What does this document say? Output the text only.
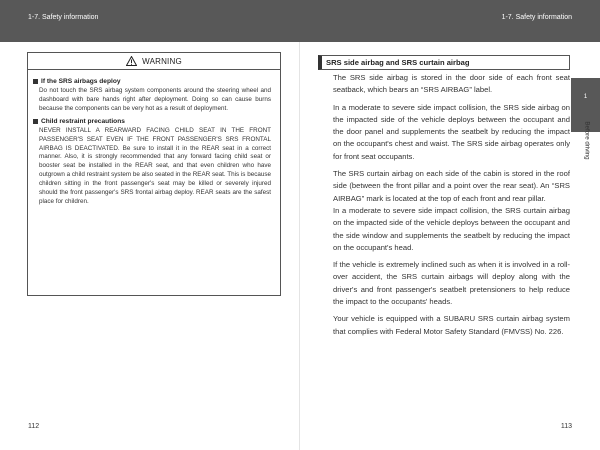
1-7. Safety information	1-7. Safety information
WARNING
If the SRS airbags deploy

Do not touch the SRS airbag system components around the steering wheel and dashboard with bare hands right after deployment. Doing so can cause burns because the components can be very hot as a result of deployment.

Child restraint precautions

NEVER INSTALL A REARWARD FACING CHILD SEAT IN THE FRONT PASSENGER'S SEAT EVEN IF THE FRONT PASSENGER'S SRS FRONTAL AIRBAG IS DEACTIVATED. Be sure to install it in the REAR seat in a correct manner. Also, it is strongly recommended that any forward facing child seat or booster seat be installed in the REAR seat, and that even children who have outgrown a child restraint system be also seated in the REAR seat. This is because children sitting in the front passenger's seat may be killed or severely injured should the front passenger's SRS frontal airbag deploy. REAR seats are the safest place for children.

SRS side airbag and SRS curtain airbag

The SRS side airbag is stored in the door side of each front seat seatback, which bears an “SRS AIRBAG” label.

In a moderate to severe side impact collision, the SRS side airbag on the impacted side of the vehicle deploys between the occupant and the door panel and supplements the seatbelt by reducing the impact on the occupant's chest and waist. The SRS side airbag operates only for front seat occupants.

The SRS curtain airbag on each side of the cabin is stored in the roof side (between the front pillar and a point over the rear seat). An “SRS AIRBAG” mark is located at the top of each front and rear pillar.

In a moderate to severe side impact collision, the SRS curtain airbag on the impacted side of the vehicle deploys between the occupant and the side window and supplements the seatbelt by reducing the impact on the occupant's head.

If the vehicle is extremely inclined such as when it is involved in a roll-over accident, the SRS curtain airbags will deploy along with the driver's and front passenger's seatbelt pretensioners to help reduce the impact to the occupants' heads.

Your vehicle is equipped with a SUBARU SRS curtain airbag system that complies with Federal Motor Safety Standard (FMVSS) No. 226.

1
Before driving
112	113
